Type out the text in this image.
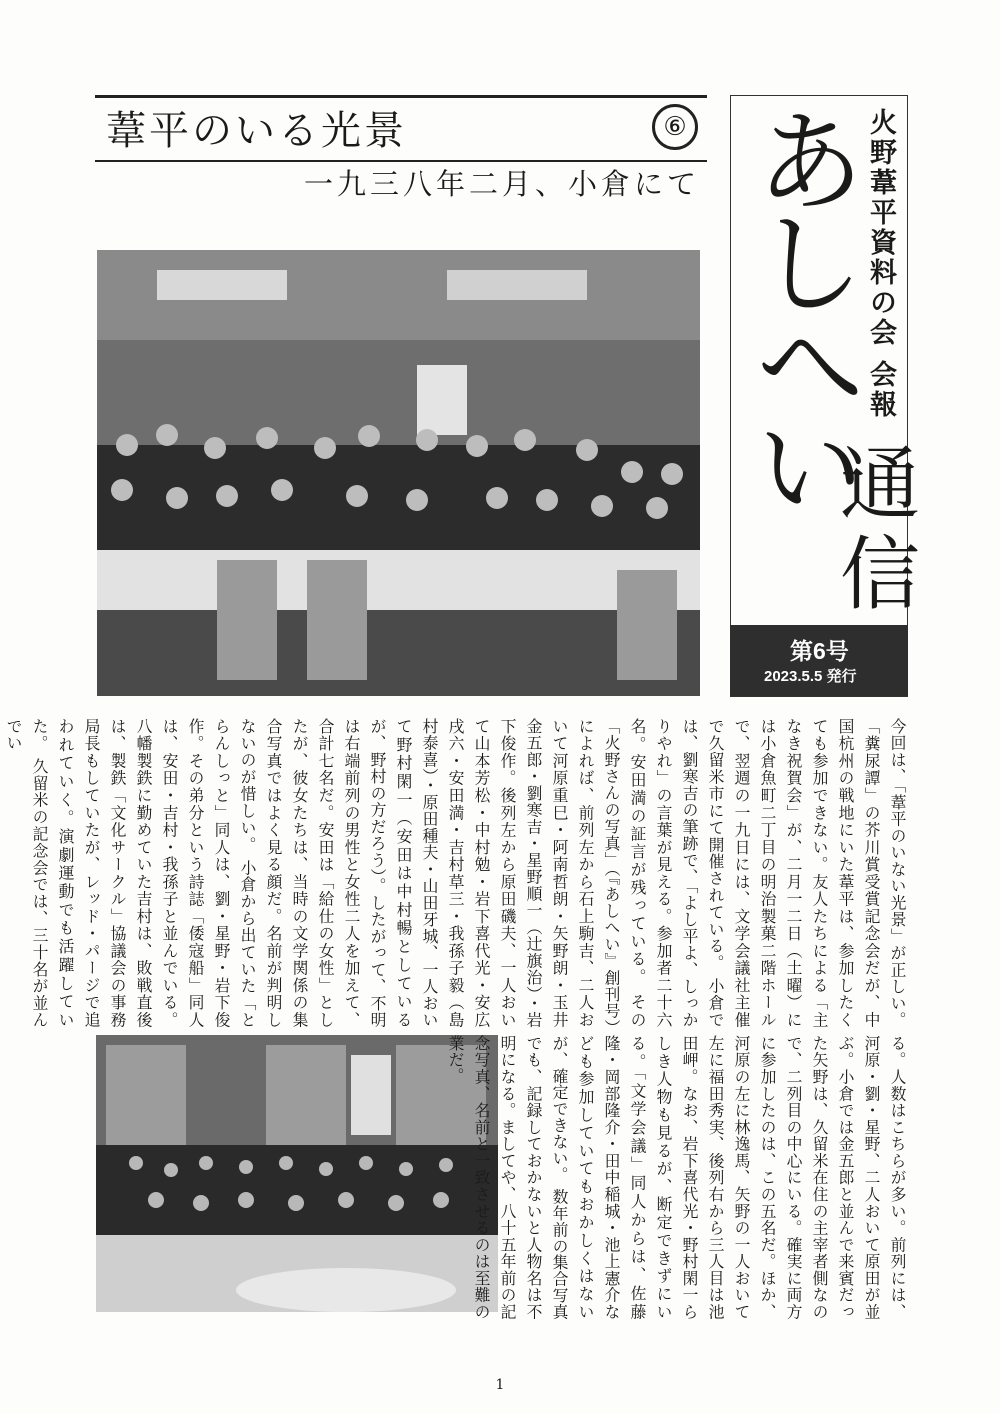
葦平のいる光景	⑥
一九三八年二月、小倉にて	火野葦平資料の会 会報
あしへい
通信
第6号
2023.5.5 発行
今回は、「葦平のいない光景」が正しい。「糞尿譚」の芥川賞受賞記念会だが、中国杭州の戦地にいた葦平は、参加したくても参加できない。友人たちによる「主なき祝賀会」が、二月一二日（土曜）には小倉魚町二丁目の明治製菓二階ホールで、翌週の一九日には、文学会議社主催で久留米市にて開催されている。 小倉では、劉寒吉の筆跡で、「よし平よ、しっかりやれ」の言葉が見える。参加者二十六名。安田満の証言が残っている。 その「火野さんの写真」（『あしへい』創刊号）によれば、前列左から石上駒吉、二人おいて河原重巳・阿南哲朗・矢野朗・玉井金五郎・劉寒吉・星野順一（辻旗治）・岩下俊作。後列左から原田磯夫、一人おいて山本芳松・中村勉・岩下喜代光・安広戌六・安田満・吉村草三・我孫子毅（島村泰喜）・原田種夫・山田牙城、一人おいて野村閑一（安田は中村暢としているが、野村の方だろう）。したがって、不明は右端前列の男性と女性二人を加えて、合計七名だ。安田は「給仕の女性」としたが、彼女たちは、当時の文学関係の集合写真ではよく見る顔だ。名前が判明しないのが惜しい。 小倉から出ていた「とらんしっと」同人は、劉・星野・岩下俊作。その弟分という詩誌「倭寇船」同人は、安田・吉村・我孫子と並んでいる。八幡製鉄に勤めていた吉村は、敗戦直後は、製鉄「文化サークル」協議会の事務局長もしていたが、レッド・パージで追われていく。演劇運動でも活躍していた。 久留米の記念会では、三十名が並んでい
る。人数はこちらが多い。前列には、河原・劉・星野、二人おいて原田が並ぶ。小倉では金五郎と並んで来賓だった矢野は、久留米在住の主宰者側なので、二列目の中心にいる。確実に両方に参加したのは、この五名だ。ほか、河原の左に林逸馬、矢野の一人おいて左に福田秀実、後列右から三人目は池田岬。なお、岩下喜代光・野村閑一らしき人物も見るが、断定できずにいる。「文学会議」同人からは、佐藤隆・岡部隆介・田中稲城・池上憲介なども参加していてもおかしくはないが、確定できない。 数年前の集合写真でも、記録しておかないと人物名は不明になる。ましてや、八十五年前の記念写真、名前と一致させるのは至難の業だ。
1
